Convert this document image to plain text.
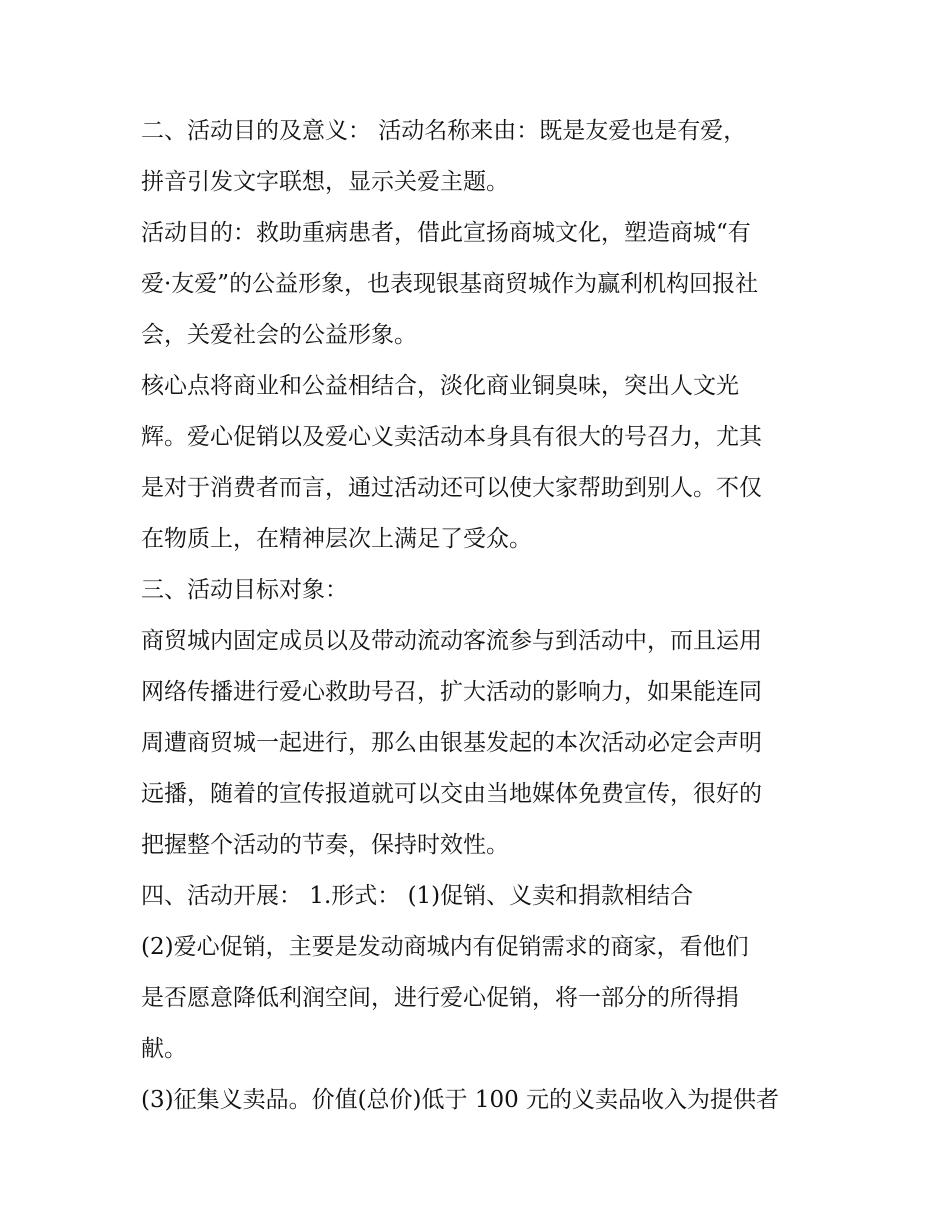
二、活动目的及意义： 活动名称来由：既是友爱也是有爱，
拼音引发文字联想，显示关爱主题。
活动目的：救助重病患者，借此宣扬商城文化，塑造商城“有
爱·友爱”的公益形象，也表现银基商贸城作为赢利机构回报社
会，关爱社会的公益形象。
核心点将商业和公益相结合，淡化商业铜臭味，突出人文光
辉。爱心促销以及爱心义卖活动本身具有很大的号召力，尤其
是对于消费者而言，通过活动还可以使大家帮助到别人。不仅
在物质上，在精神层次上满足了受众。
三、活动目标对象：
商贸城内固定成员以及带动流动客流参与到活动中，而且运用
网络传播进行爱心救助号召，扩大活动的影响力，如果能连同
周遭商贸城一起进行，那么由银基发起的本次活动必定会声明
远播，随着的宣传报道就可以交由当地媒体免费宣传，很好的
把握整个活动的节奏，保持时效性。
四、活动开展： 1.形式： (1)促销、义卖和捐款相结合
(2)爱心促销，主要是发动商城内有促销需求的商家，看他们
是否愿意降低利润空间，进行爱心促销，将一部分的所得捐
献。
(3)征集义卖品。价值(总价)低于 100 元的义卖品收入为提供者
